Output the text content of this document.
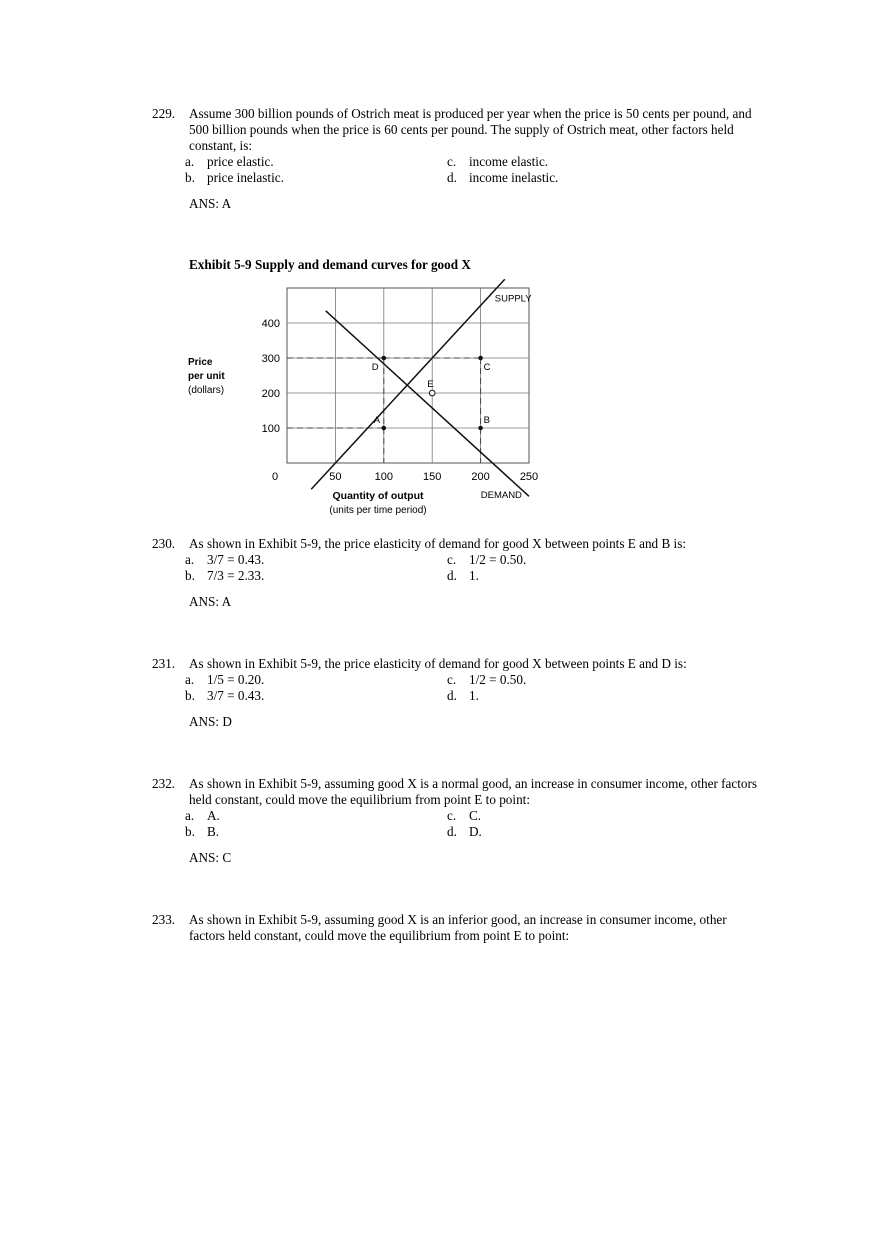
229. Assume 300 billion pounds of Ostrich meat is produced per year when the price is 50 cents per pound, and 500 billion pounds when the price is 60 cents per pound. The supply of Ostrich meat, other factors held constant, is:
a. price elastic.
b. price inelastic.
c. income elastic.
d. income inelastic.
ANS: A
Exhibit 5-9 Supply and demand curves for good X
SUPPLY
DEMAND
A	B
C
D
E
0	50	100	150	200	250
100
200
300
400
Price
per unit
(dollars)
Quantity of output
(units per time period)
230. As shown in Exhibit 5-9, the price elasticity of demand for good X between points E and B is:
a. 3/7 = 0.43.
b. 7/3 = 2.33.
c. 1/2 = 0.50.
d. 1.
ANS: A
231. As shown in Exhibit 5-9, the price elasticity of demand for good X between points E and D is:
a. 1/5 = 0.20.
b. 3/7 = 0.43.
c. 1/2 = 0.50.
d. 1.
ANS: D
232. As shown in Exhibit 5-9, assuming good X is a normal good, an increase in consumer income, other factors held constant, could move the equilibrium from point E to point:
a. A.
b. B.
c. C.
d. D.
ANS: C
233. As shown in Exhibit 5-9, assuming good X is an inferior good, an increase in consumer income, other factors held constant, could move the equilibrium from point E to point:
